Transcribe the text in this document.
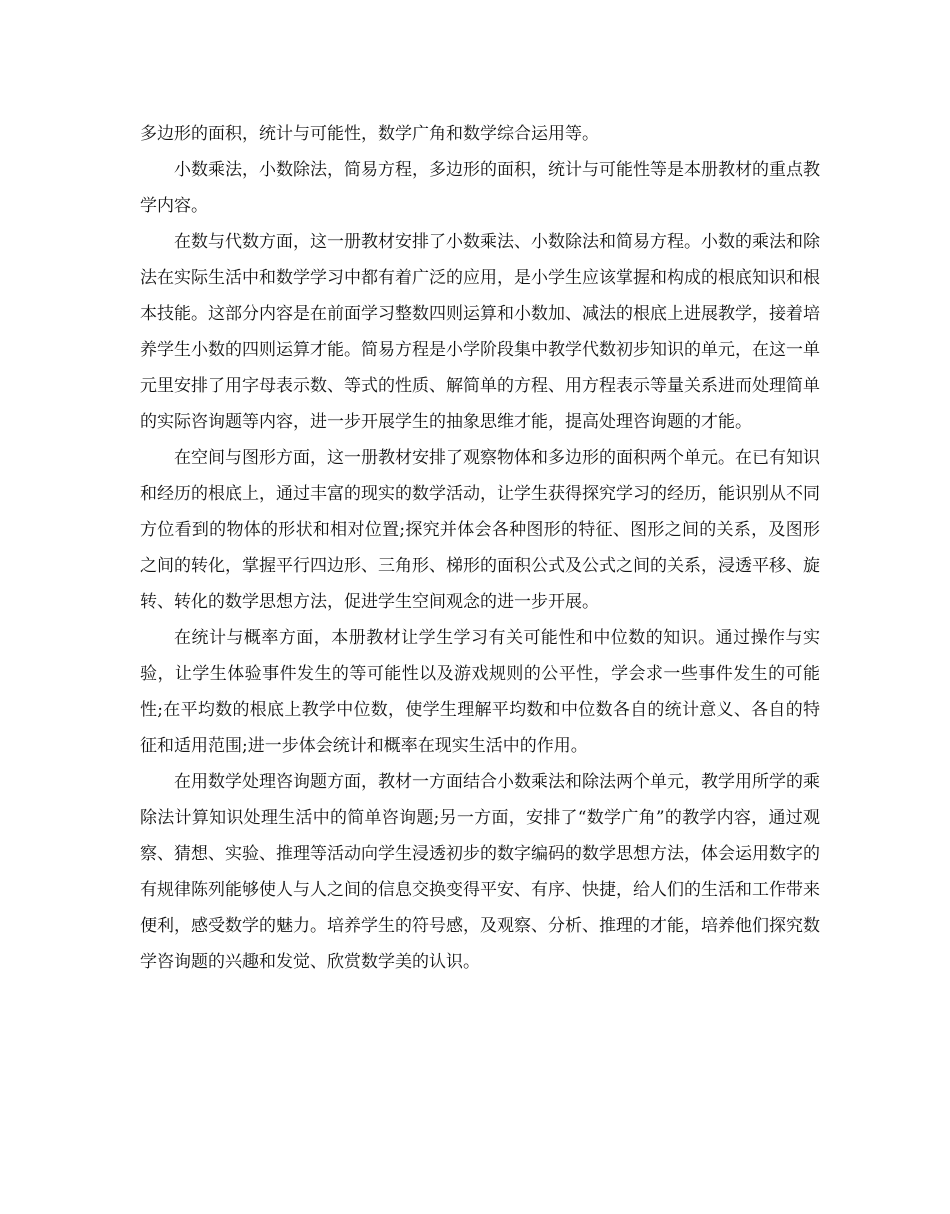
多边形的面积，统计与可能性，数学广角和数学综合运用等。

小数乘法，小数除法，简易方程，多边形的面积，统计与可能性等是本册教材的重点教学内容。

在数与代数方面，这一册教材安排了小数乘法、小数除法和简易方程。小数的乘法和除法在实际生活中和数学学习中都有着广泛的应用，是小学生应该掌握和构成的根底知识和根本技能。这部分内容是在前面学习整数四则运算和小数加、减法的根底上进展教学，接着培养学生小数的四则运算才能。简易方程是小学阶段集中教学代数初步知识的单元，在这一单元里安排了用字母表示数、等式的性质、解简单的方程、用方程表示等量关系进而处理简单的实际咨询题等内容，进一步开展学生的抽象思维才能，提高处理咨询题的才能。

在空间与图形方面，这一册教材安排了观察物体和多边形的面积两个单元。在已有知识和经历的根底上，通过丰富的现实的数学活动，让学生获得探究学习的经历，能识别从不同方位看到的物体的形状和相对位置;探究并体会各种图形的特征、图形之间的关系，及图形之间的转化，掌握平行四边形、三角形、梯形的面积公式及公式之间的关系，浸透平移、旋转、转化的数学思想方法，促进学生空间观念的进一步开展。

在统计与概率方面，本册教材让学生学习有关可能性和中位数的知识。通过操作与实验，让学生体验事件发生的等可能性以及游戏规则的公平性，学会求一些事件发生的可能性;在平均数的根底上教学中位数，使学生理解平均数和中位数各自的统计意义、各自的特征和适用范围;进一步体会统计和概率在现实生活中的作用。

在用数学处理咨询题方面，教材一方面结合小数乘法和除法两个单元，教学用所学的乘除法计算知识处理生活中的简单咨询题;另一方面，安排了“数学广角”的教学内容，通过观察、猜想、实验、推理等活动向学生浸透初步的数字编码的数学思想方法，体会运用数字的有规律陈列能够使人与人之间的信息交换变得平安、有序、快捷，给人们的生活和工作带来便利，感受数学的魅力。培养学生的符号感，及观察、分析、推理的才能，培养他们探究数学咨询题的兴趣和发觉、欣赏数学美的认识。
